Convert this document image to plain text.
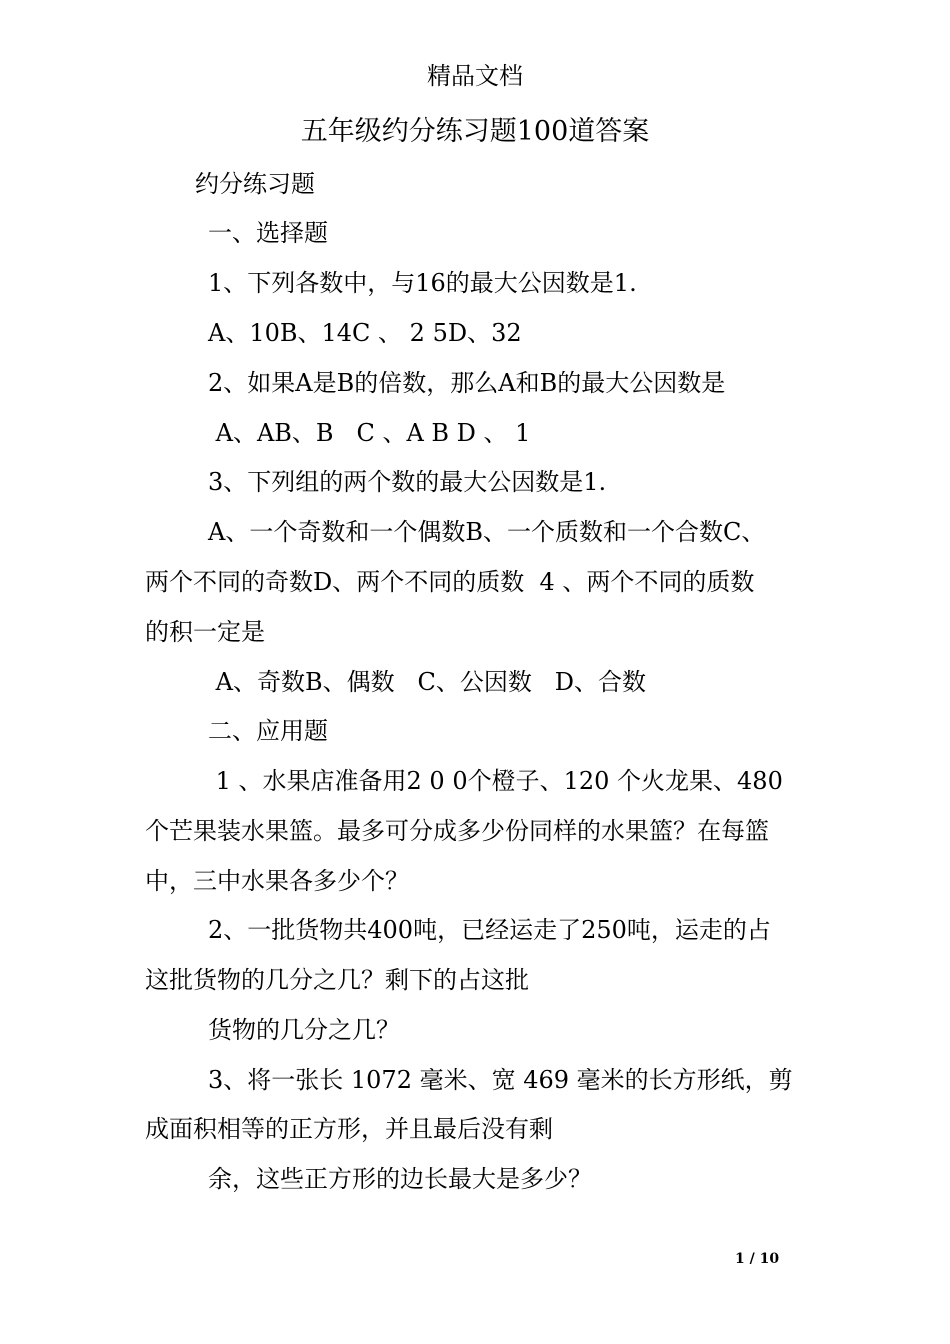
精品文档
五年级约分练习题100道答案
约分练习题
一、选择题
1、下列各数中，与16的最大公因数是1.
A、10B、14C 、 2 5D、32
2、如果A是B的倍数，那么A和B的最大公因数是
A、AB、B   C 、A B D 、 1
3、下列组的两个数的最大公因数是1.
A、一个奇数和一个偶数B、一个质数和一个合数C、
两个不同的奇数D、两个不同的质数  4 、两个不同的质数
的积一定是
A、奇数B、偶数   C、公因数   D、合数
二、应用题
1 、水果店准备用2 0 0个橙子、120 个火龙果、480
个芒果装水果篮。最多可分成多少份同样的水果篮？在每篮
中，三中水果各多少个？
2、一批货物共400吨，已经运走了250吨，运走的占
这批货物的几分之几？剩下的占这批
货物的几分之几？
3、将一张长 1072 毫米、宽 469 毫米的长方形纸，剪
成面积相等的正方形，并且最后没有剩
余，这些正方形的边长最大是多少？
1 / 10
